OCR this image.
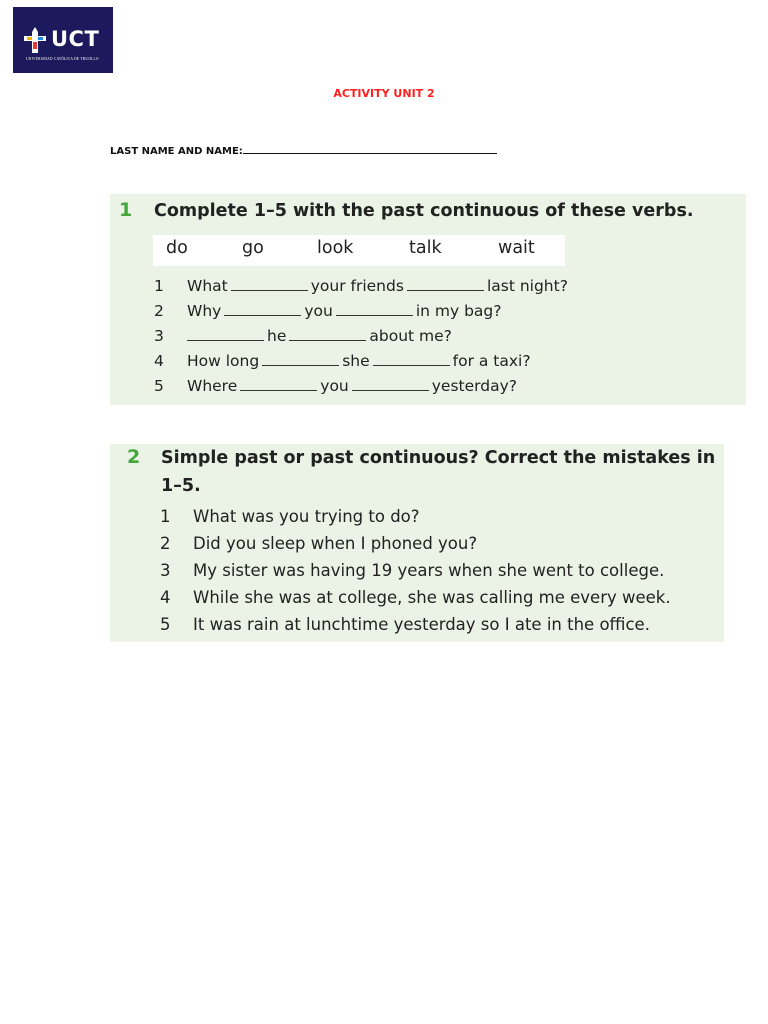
UCT
UNIVERSIDAD CATÓLICA DE TRUJILLO
ACTIVITY UNIT 2
LAST NAME AND NAME:
1 Complete 1–5 with the past continuous of these verbs.
do	go	look	talk	wait
1 What	your friends	last night?
2 Why	you	in my bag?
3	he	about me?
4 How long	she	for a taxi?
5 Where	you	yesterday?
2 Simple past or past continuous? Correct the mistakes in 1–5.
1 What was you trying to do?
2 Did you sleep when I phoned you?
3 My sister was having 19 years when she went to college.
4 While she was at college, she was calling me every week.
5 It was rain at lunchtime yesterday so I ate in the office.
